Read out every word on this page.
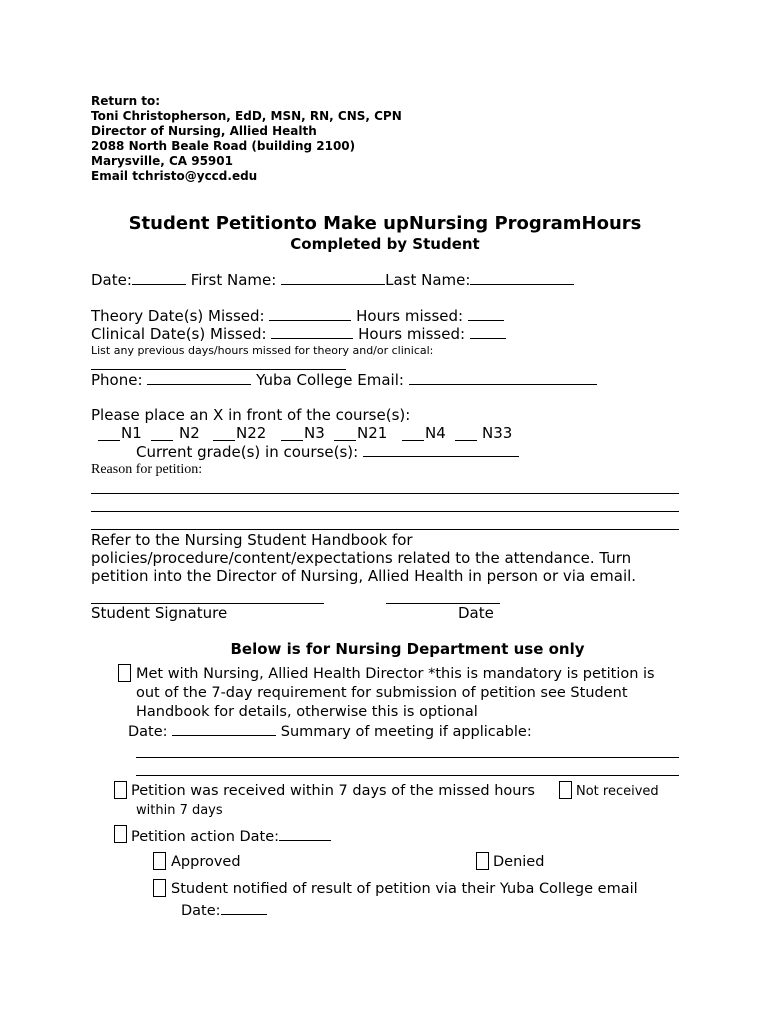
Return to:
Toni Christopherson, EdD, MSN, RN, CNS, CPN
Director of Nursing, Allied Health
2088 North Beale Road (building 2100)
Marysville, CA 95901
Email tchristo@yccd.edu
Student Petitionto Make upNursing ProgramHours
Completed by Student
Date:	First Name:	Last Name:
Theory Date(s) Missed:	Hours missed:
Clinical Date(s) Missed:	Hours missed:
List any previous days/hours missed for theory and/or clinical:
Phone:	Yuba College Email:
Please place an X in front of the course(s):
N1 N2 N22	N3 N21	N4 N33
Current grade(s) in course(s):
Reason for petition:
Refer to the Nursing Student Handbook for
policies/procedure/content/expectations related to the attendance. Turn
petition into the Director of Nursing, Allied Health in person or via email.
Student Signature	Date
Below is for Nursing Department use only
Met with Nursing, Allied Health Director *this is mandatory is petition is
out of the 7-day requirement for submission of petition see Student
Handbook for details, otherwise this is optional
Date:	Summary of meeting if applicable:
Petition was received within 7 days of the missed hours	Not received
within 7 days
Petition action Date:
Approved	Denied
Student notified of result of petition via their Yuba College email
Date:
